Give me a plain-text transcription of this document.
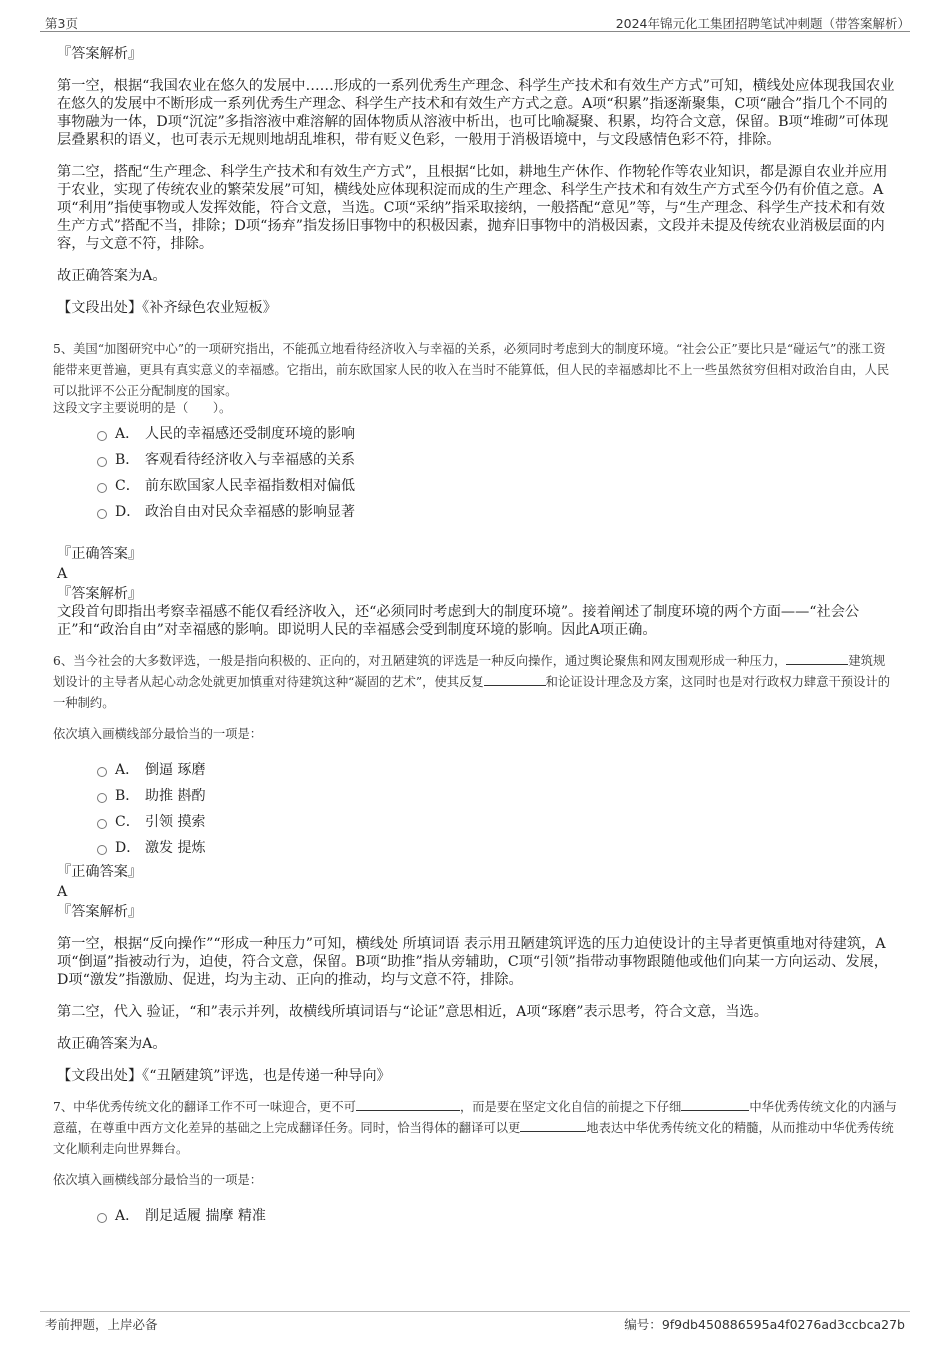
第3页	2024年锦元化工集团招聘笔试冲刺题（带答案解析）

『答案解析』

第一空，根据“我国农业在悠久的发展中……形成的一系列优秀生产理念、科学生产技术和有效生产方式”可知，横线处应体现我国农业在悠久的发展中不断形成一系列优秀生产理念、科学生产技术和有效生产方式之意。A项“积累”指逐渐聚集，C项“融合”指几个不同的事物融为一体，D项“沉淀”多指溶液中难溶解的固体物质从溶液中析出，也可比喻凝聚、积累，均符合文意，保留。B项“堆砌”可体现层叠累积的语义，也可表示无规则地胡乱堆积，带有贬义色彩，一般用于消极语境中，与文段感情色彩不符，排除。

第二空，搭配“生产理念、科学生产技术和有效生产方式”，且根据“比如，耕地生产休作、作物轮作等农业知识，都是源自农业并应用于农业，实现了传统农业的繁荣发展”可知，横线处应体现积淀而成的生产理念、科学生产技术和有效生产方式至今仍有价值之意。A项“利用”指使事物或人发挥效能，符合文意，当选。C项“采纳”指采取接纳，一般搭配“意见”等，与“生产理念、科学生产技术和有效生产方式”搭配不当，排除；D项“扬弃”指发扬旧事物中的积极因素，抛弃旧事物中的消极因素，文段并未提及传统农业消极层面的内容，与文意不符，排除。

故正确答案为A。

【文段出处】《补齐绿色农业短板》

5、美国“加图研究中心”的一项研究指出，不能孤立地看待经济收入与幸福的关系，必须同时考虑到大的制度环境。“社会公正”要比只是“碰运气”的涨工资能带来更普遍，更具有真实意义的幸福感。它指出，前东欧国家人民的收入在当时不能算低，但人民的幸福感却比不上一些虽然贫穷但相对政治自由，人民可以批评不公正分配制度的国家。

这段文字主要说明的是（　　）。

A． 人民的幸福感还受制度环境的影响
B． 客观看待经济收入与幸福感的关系
C． 前东欧国家人民幸福指数相对偏低
D． 政治自由对民众幸福感的影响显著

『正确答案』

A

『答案解析』

文段首句即指出考察幸福感不能仅看经济收入，还“必须同时考虑到大的制度环境”。接着阐述了制度环境的两个方面——“社会公正”和“政治自由”对幸福感的影响。即说明人民的幸福感会受到制度环境的影响。因此A项正确。

6、当今社会的大多数评选，一般是指向积极的、正向的，对丑陋建筑的评选是一种反向操作，通过舆论聚焦和网友围观形成一种压力，	建筑规划设计的主导者从起心动念处就更加慎重对待建筑这种“凝固的艺术”，使其反复	和论证设计理念及方案，这同时也是对行政权力肆意干预设计的一种制约。

依次填入画横线部分最恰当的一项是：

A． 倒逼 琢磨
B． 助推 斟酌
C． 引领 摸索
D． 激发 提炼

『正确答案』

A

『答案解析』

第一空，根据“反向操作”“形成一种压力”可知，横线处 所填词语 表示用丑陋建筑评选的压力迫使设计的主导者更慎重地对待建筑，A项“倒逼”指被动行为，迫使，符合文意，保留。B项“助推”指从旁辅助，C项“引领”指带动事物跟随他或他们向某一方向运动、发展，D项“激发”指激励、促进，均为主动、正向的推动，均与文意不符，排除。

第二空，代入 验证，“和”表示并列，故横线所填词语与“论证”意思相近，A项“琢磨”表示思考，符合文意，当选。

故正确答案为A。

【文段出处】《“丑陋建筑”评选，也是传递一种导向》

7、中华优秀传统文化的翻译工作不可一味迎合，更不可	，而是要在坚定文化自信的前提之下仔细	中华优秀传统文化的内涵与意蕴，在尊重中西方文化差异的基础之上完成翻译任务。同时，恰当得体的翻译可以更	地表达中华优秀传统文化的精髓，从而推动中华优秀传统文化顺利走向世界舞台。

依次填入画横线部分最恰当的一项是：

A． 削足适履 揣摩 精准
考前押题，上岸必备	编号：9f9db450886595a4f0276ad3ccbca27b
